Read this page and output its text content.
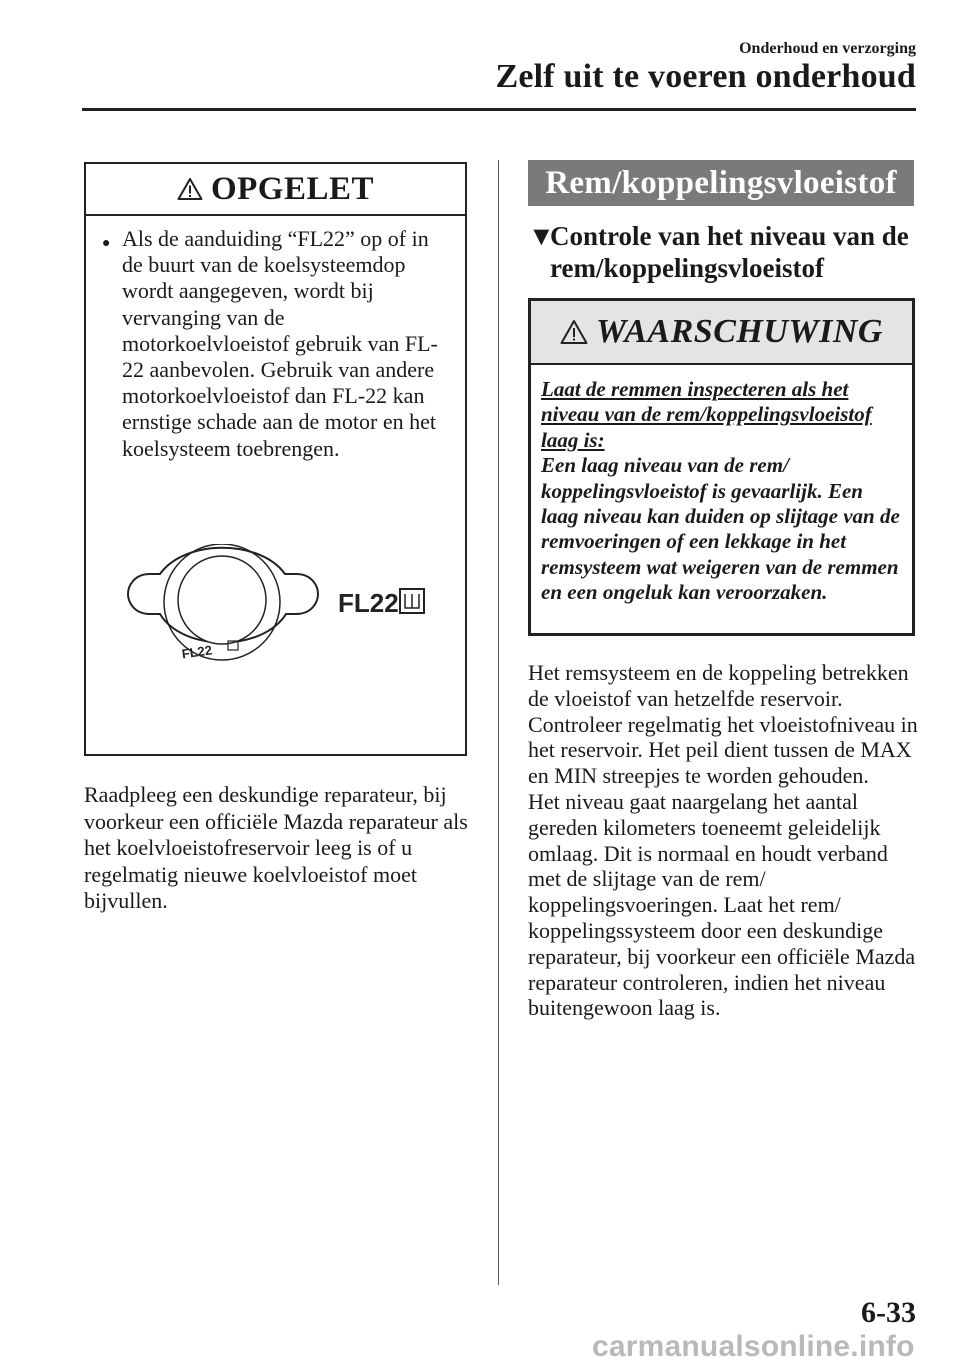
Onderhoud en verzorging
Zelf uit te voeren onderhoud
OPGELET
● Als de aanduiding “FL22” op of in de buurt van de koelsysteemdop wordt aangegeven, wordt bij vervanging van de motorkoelvloeistof gebruik van FL-22 aanbevolen. Gebruik van andere motorkoelvloeistof dan FL-22 kan ernstige schade aan de motor en het koelsysteem toebrengen.
FL22
FL22
Raadpleeg een deskundige reparateur, bij voorkeur een officiële Mazda reparateur als het koelvloeistofreservoir leeg is of u regelmatig nieuwe koelvloeistof moet bijvullen.
Rem/koppelingsvloeistof
▼Controle van het niveau van de
rem/koppelingsvloeistof
WAARSCHUWING
Laat de remmen inspecteren als het niveau van de rem/koppelingsvloeistof laag is:
Een laag niveau van de rem/ koppelingsvloeistof is gevaarlijk. Een laag niveau kan duiden op slijtage van de remvoeringen of een lekkage in het remsysteem wat weigeren van de remmen en een ongeluk kan veroorzaken.
Het remsysteem en de koppeling betrekken de vloeistof van hetzelfde reservoir.
Controleer regelmatig het vloeistofniveau in het reservoir. Het peil dient tussen de MAX en MIN streepjes te worden gehouden.
Het niveau gaat naargelang het aantal gereden kilometers toeneemt geleidelijk omlaag. Dit is normaal en houdt verband met de slijtage van de rem/ koppelingsvoeringen. Laat het rem/ koppelingssysteem door een deskundige reparateur, bij voorkeur een officiële Mazda reparateur controleren, indien het niveau buitengewoon laag is.
6-33
carmanualsonline.info
